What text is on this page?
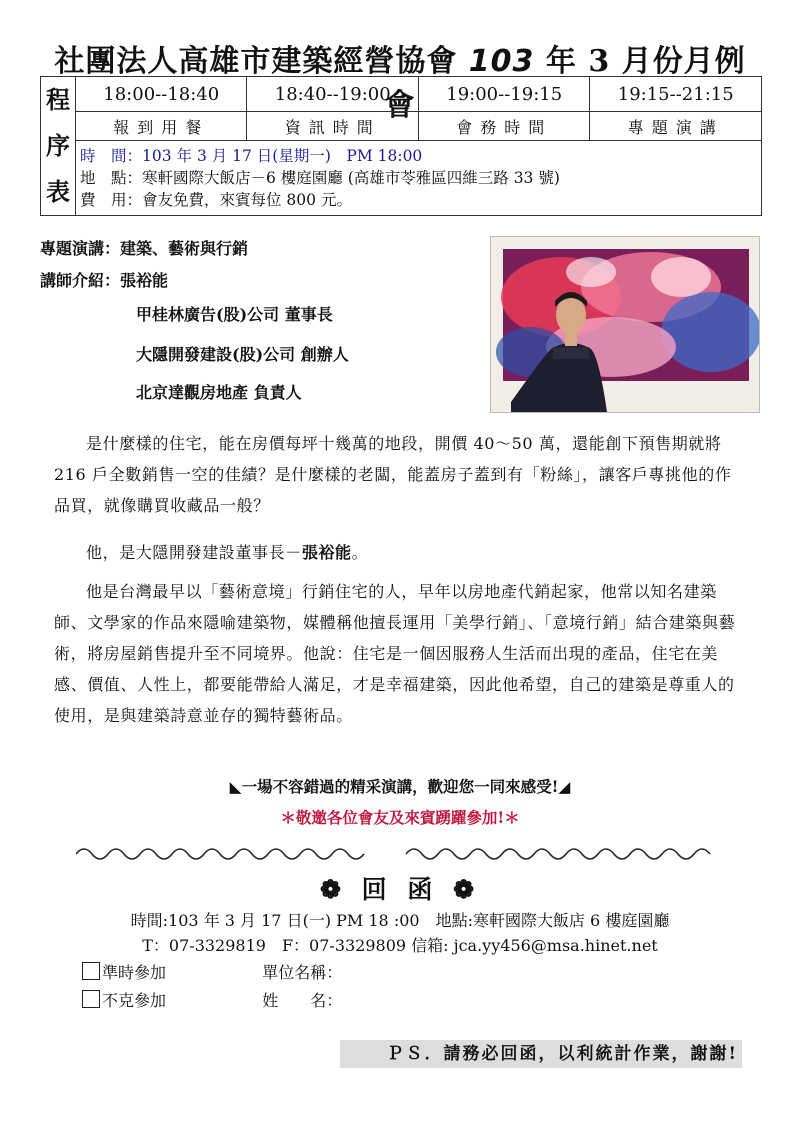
社團法人高雄市建築經營協會 103 年 3 月份月例會
程
序
表	18:00--18:40	18:40--19:00	19:00--19:15	19:15--21:15
	報到用餐	資訊時間	會務時間	專題演講

	時　間：103 年 3 月 17 日(星期一)　PM 18:00
地　點：寒軒國際大飯店－6 樓庭園廳 (高雄市苓雅區四維三路 33 號)
費　用：會友免費，來賓每位 800 元。			
專題演講：建築、藝術與行銷
講師介紹：張裕能
甲桂林廣告(股)公司 董事長
大隱開發建設(股)公司 創辦人
北京達觀房地產 負責人
是什麼樣的住宅，能在房價每坪十幾萬的地段，開價 40～50 萬，還能創下預售期就將 216 戶全數銷售一空的佳績？是什麼樣的老闆，能蓋房子蓋到有「粉絲」，讓客戶專挑他的作品買，就像購買收藏品一般？
他，是大隱開發建設董事長－張裕能。
他是台灣最早以「藝術意境」行銷住宅的人，早年以房地產代銷起家，他常以知名建築師、文學家的作品來隱喻建築物，媒體稱他擅長運用「美學行銷」、「意境行銷」結合建築與藝術，將房屋銷售提升至不同境界。他說：住宅是一個因服務人生活而出現的產品，住宅在美感、價值、人性上，都要能帶給人滿足，才是幸福建築，因此他希望，自己的建築是尊重人的使用，是與建築詩意並存的獨特藝術品。
◣一場不容錯過的精采演講，歡迎您一同來感受!◢
＊敬邀各位會友及來賓踴躍參加!＊
❁ 回 函 ❁
時間:103 年 3 月 17 日(一) PM 18 :00　地點:寒軒國際大飯店 6 樓庭園廳
T：07-3329819　F：07-3329809 信箱: jca.yy456@msa.hinet.net
準時參加	單位名稱：
不克參加	姓　　名：
ＰＳ．請務必回函，以利統計作業，謝謝!
